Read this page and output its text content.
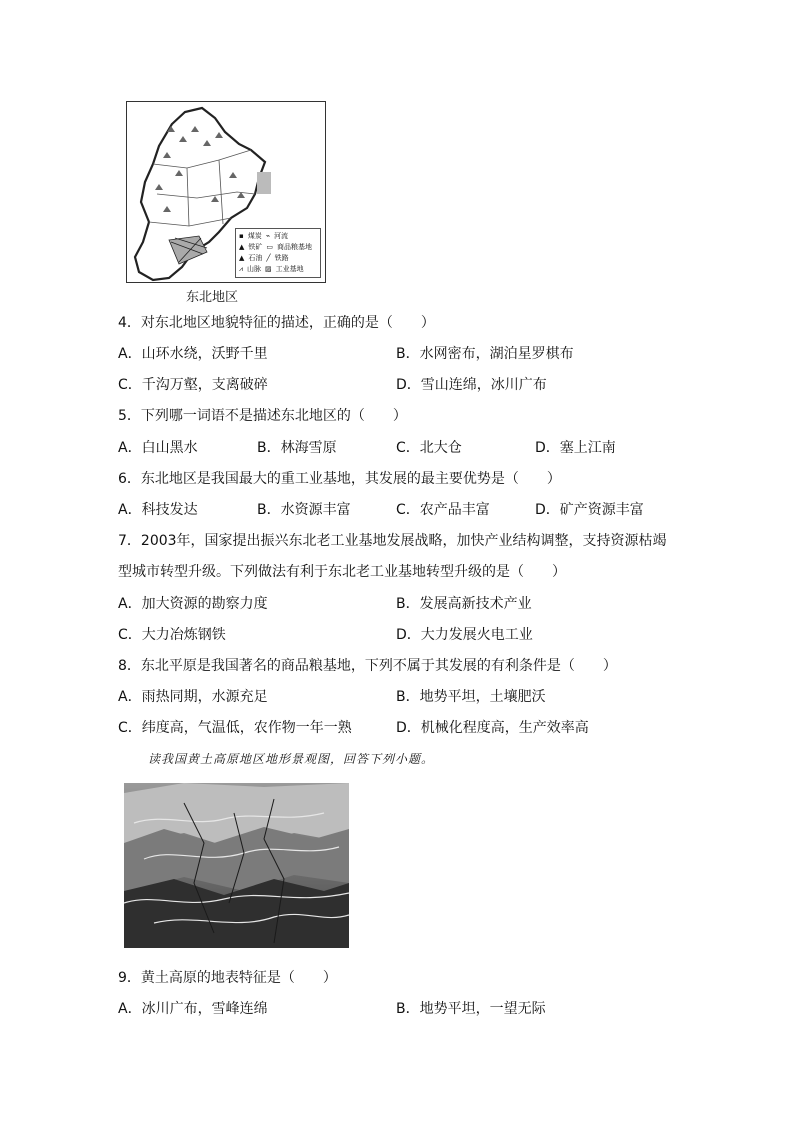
▪ 煤炭 ⌁ 河流
▲ 铁矿 ▭ 商品粮基地
▲ 石油 ╱ 铁路
⩘ 山脉 ▨ 工业基地
东北地区
4．对东北地区地貌特征的描述，正确的是（　　）
A．山环水绕，沃野千里	B．水网密布，湖泊星罗棋布
C．千沟万壑，支离破碎	D．雪山连绵，冰川广布
5．下列哪一词语不是描述东北地区的（　　）
A．白山黑水	B．林海雪原	C．北大仓	D．塞上江南
6．东北地区是我国最大的重工业基地，其发展的最主要优势是（　　）
A．科技发达	B．水资源丰富	C．农产品丰富	D．矿产资源丰富
7．2003年，国家提出振兴东北老工业基地发展战略，加快产业结构调整，支持资源枯竭
型城市转型升级。下列做法有利于东北老工业基地转型升级的是（　　）
A．加大资源的勘察力度	B．发展高新技术产业
C．大力冶炼钢铁	D．大力发展火电工业
8．东北平原是我国著名的商品粮基地，下列不属于其发展的有利条件是（　　）
A．雨热同期，水源充足	B．地势平坦，土壤肥沃
C．纬度高，气温低，农作物一年一熟	D．机械化程度高，生产效率高
读我国黄土高原地区地形景观图，回答下列小题。
9．黄土高原的地表特征是（　　）
A．冰川广布，雪峰连绵	B．地势平坦，一望无际
